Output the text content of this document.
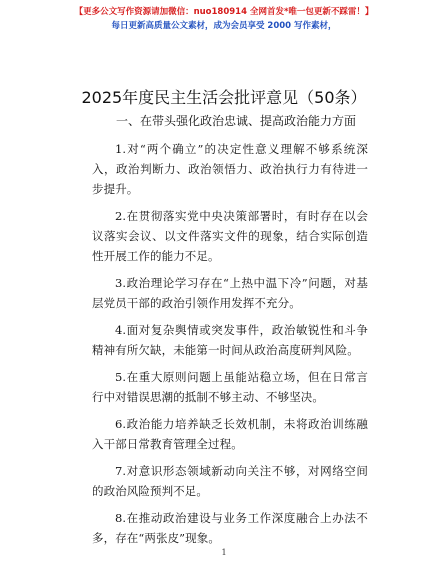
【更多公文写作资源请加微信：nuo180914 全网首发*唯一包更新不踩雷！】
每日更新高质量公文素材，成为会员享受 2000 写作素材，
2025年度民主生活会批评意见（50条）
一、在带头强化政治忠诚、提高政治能力方面

1.对“两个确立”的决定性意义理解不够系统深入，政治判断力、政治领悟力、政治执行力有待进一步提升。

2.在贯彻落实党中央决策部署时，有时存在以会议落实会议、以文件落实文件的现象，结合实际创造性开展工作的能力不足。

3.政治理论学习存在“上热中温下冷”问题，对基层党员干部的政治引领作用发挥不充分。

4.面对复杂舆情或突发事件，政治敏锐性和斗争精神有所欠缺，未能第一时间从政治高度研判风险。

5.在重大原则问题上虽能站稳立场，但在日常言行中对错误思潮的抵制不够主动、不够坚决。

6.政治能力培养缺乏长效机制，未将政治训练融入干部日常教育管理全过程。

7.对意识形态领域新动向关注不够，对网络空间的政治风险预判不足。

8.在推动政治建设与业务工作深度融合上办法不多，存在“两张皮”现象。

1
